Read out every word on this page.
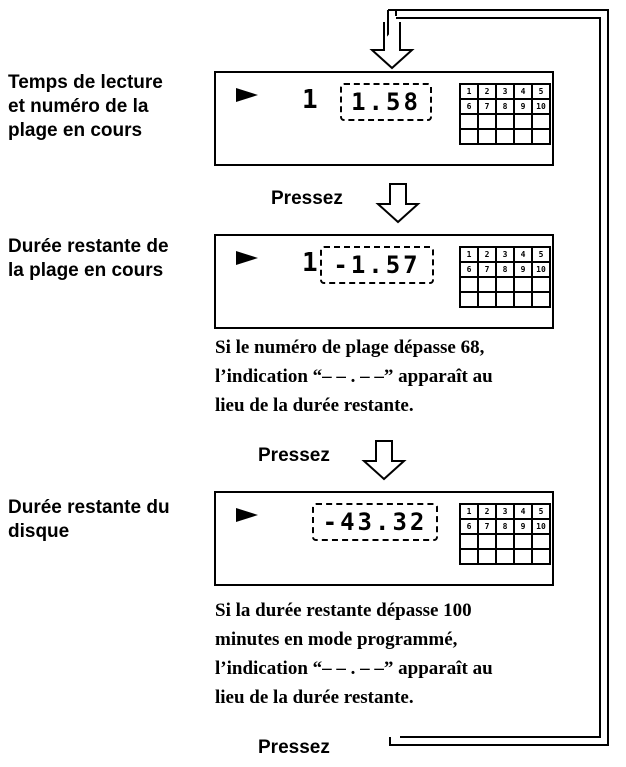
Temps de lecture
et numéro de la
plage en cours
1	1.58	1	2	3	4	5
6	7	8	9	10

Pressez
Durée restante de
la plage en cours	1 -1.57	1	2	3	4	5
6	7	8	9	10

Si le numéro de plage dépasse 68,
l’indication “– – . – –” apparaît au
lieu de la durée restante.
Pressez
Durée restante du
disque	-43.32	1	2	3	4	5
6	7	8	9	10

Si la durée restante dépasse 100
minutes en mode programmé,
l’indication “– – . – –” apparaît au
lieu de la durée restante.
Pressez
